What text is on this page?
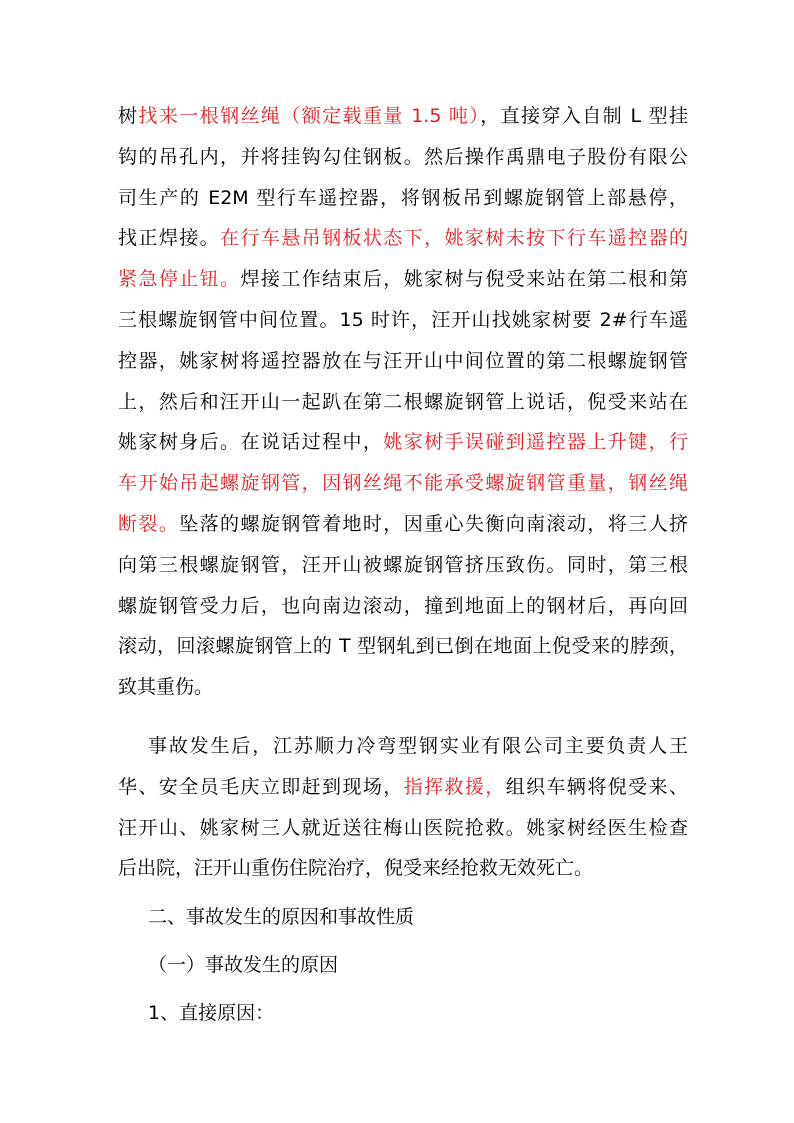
树找来一根钢丝绳（额定载重量 1.5 吨），直接穿入自制 L 型挂
钩的吊孔内，并将挂钩勾住钢板。然后操作禹鼎电子股份有限公
司生产的 E2M 型行车遥控器，将钢板吊到螺旋钢管上部悬停，
找正焊接。在行车悬吊钢板状态下，姚家树未按下行车遥控器的
紧急停止钮。焊接工作结束后，姚家树与倪受来站在第二根和第
三根螺旋钢管中间位置。15 时许，汪开山找姚家树要 2#行车遥
控器，姚家树将遥控器放在与汪开山中间位置的第二根螺旋钢管
上，然后和汪开山一起趴在第二根螺旋钢管上说话，倪受来站在
姚家树身后。在说话过程中，姚家树手误碰到遥控器上升键，行
车开始吊起螺旋钢管，因钢丝绳不能承受螺旋钢管重量，钢丝绳
断裂。坠落的螺旋钢管着地时，因重心失衡向南滚动，将三人挤
向第三根螺旋钢管，汪开山被螺旋钢管挤压致伤。同时，第三根
螺旋钢管受力后，也向南边滚动，撞到地面上的钢材后，再向回
滚动，回滚螺旋钢管上的 T 型钢轧到已倒在地面上倪受来的脖颈，
致其重伤。
事故发生后，江苏顺力冷弯型钢实业有限公司主要负责人王
华、安全员毛庆立即赶到现场，指挥救援，组织车辆将倪受来、
汪开山、姚家树三人就近送往梅山医院抢救。姚家树经医生检查
后出院，汪开山重伤住院治疗，倪受来经抢救无效死亡。
二、事故发生的原因和事故性质
（一）事故发生的原因
1、直接原因：
